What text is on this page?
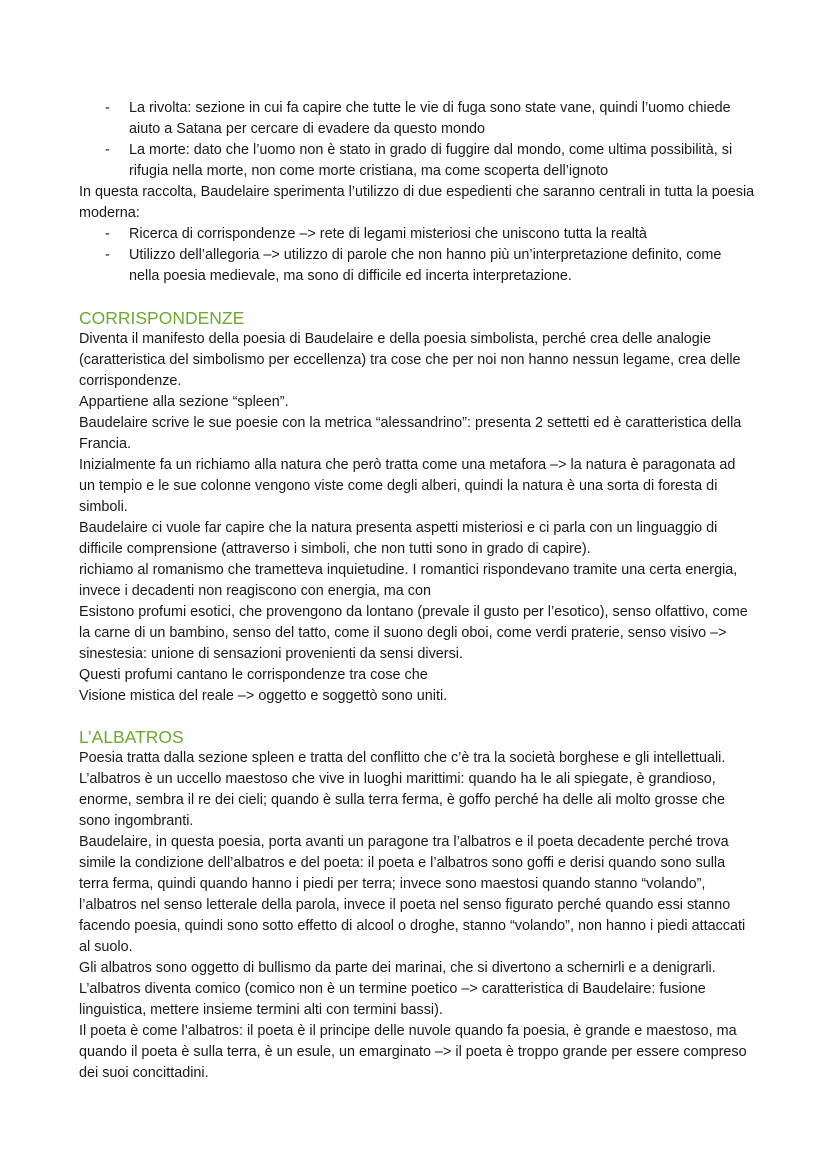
- La rivolta: sezione in cui fa capire che tutte le vie di fuga sono state vane, quindi l’uomo chiede aiuto a Satana per cercare di evadere da questo mondo
- La morte: dato che l’uomo non è stato in grado di fuggire dal mondo, come ultima possibilità, si rifugia nella morte, non come morte cristiana, ma come scoperta dell’ignoto

In questa raccolta, Baudelaire sperimenta l’utilizzo di due espedienti che saranno centrali in tutta la poesia moderna:

- Ricerca di corrispondenze –> rete di legami misteriosi che uniscono tutta la realtà
- Utilizzo dell’allegoria –> utilizzo di parole che non hanno più un’interpretazione definito, come nella poesia medievale, ma sono di difficile ed incerta interpretazione.
CORRISPONDENZE

Diventa il manifesto della poesia di Baudelaire e della poesia simbolista, perché crea delle analogie (caratteristica del simbolismo per eccellenza) tra cose che per noi non hanno nessun legame, crea delle corrispondenze.

Appartiene alla sezione “spleen”.

Baudelaire scrive le sue poesie con la metrica “alessandrino”: presenta 2 settetti ed è caratteristica della Francia.

Inizialmente fa un richiamo alla natura che però tratta come una metafora –> la natura è paragonata ad un tempio e le sue colonne vengono viste come degli alberi, quindi la natura è una sorta di foresta di simboli.

Baudelaire ci vuole far capire che la natura presenta aspetti misteriosi e ci parla con un linguaggio di difficile comprensione (attraverso i simboli, che non tutti sono in grado di capire).

richiamo al romanismo che trametteva inquietudine. I romantici rispondevano tramite una certa energia, invece i decadenti non reagiscono con energia, ma con

Esistono profumi esotici, che provengono da lontano (prevale il gusto per l’esotico), senso olfattivo, come la carne di un bambino, senso del tatto, come il suono degli oboi, come verdi praterie, senso visivo –> sinestesia: unione di sensazioni provenienti da sensi diversi.

Questi profumi cantano le corrispondenze tra cose che

Visione mistica del reale –> oggetto e soggettò sono uniti.

L’ALBATROS

Poesia tratta dalla sezione spleen e tratta del conflitto che c’è tra la società borghese e gli intellettuali.

L’albatros è un uccello maestoso che vive in luoghi marittimi: quando ha le ali spiegate, è grandioso, enorme, sembra il re dei cieli; quando è sulla terra ferma, è goffo perché ha delle ali molto grosse che sono ingombranti.

Baudelaire, in questa poesia, porta avanti un paragone tra l’albatros e il poeta decadente perché trova simile la condizione dell’albatros e del poeta: il poeta e l’albatros sono goffi e derisi quando sono sulla terra ferma, quindi quando hanno i piedi per terra; invece sono maestosi quando stanno “volando”, l’albatros nel senso letterale della parola, invece il poeta nel senso figurato perché quando essi stanno facendo poesia, quindi sono sotto effetto di alcool o droghe, stanno “volando”, non hanno i piedi attaccati al suolo.

Gli albatros sono oggetto di bullismo da parte dei marinai, che si divertono a schernirli e a denigrarli. L’albatros diventa comico (comico non è un termine poetico –> caratteristica di Baudelaire: fusione linguistica, mettere insieme termini alti con termini bassi).

Il poeta è come l’albatros: il poeta è il principe delle nuvole quando fa poesia, è grande e maestoso, ma quando il poeta è sulla terra, è un esule, un emarginato –> il poeta è troppo grande per essere compreso dei suoi concittadini.
